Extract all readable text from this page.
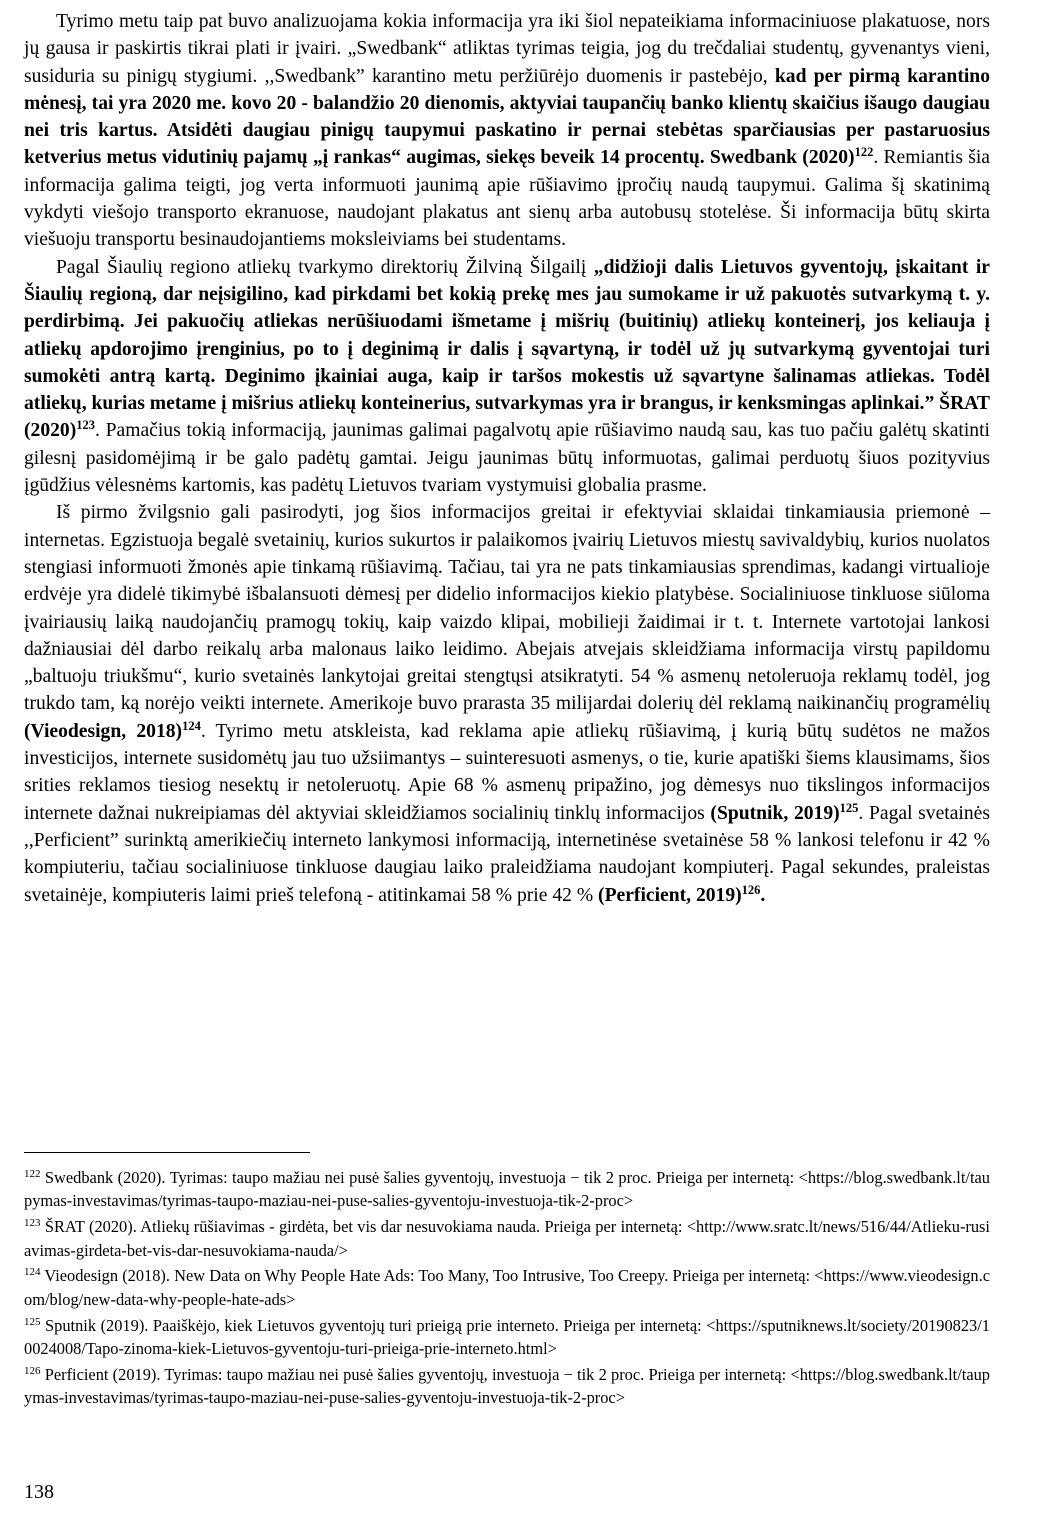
Tyrimo metu taip pat buvo analizuojama kokia informacija yra iki šiol nepateikiama informaciniuose plakatuose, nors jų gausa ir paskirtis tikrai plati ir įvairi. „Swedbank“ atliktas tyrimas teigia, jog du trečdaliai studentų, gyvenantys vieni, susiduria su pinigų stygiumi. ,,Swedbank” karantino metu peržiūrėjo duomenis ir pastebėjo, kad per pirmą karantino mėnesį, tai yra 2020 me. kovo 20 - balandžio 20 dienomis, aktyviai taupančių banko klientų skaičius išaugo daugiau nei tris kartus. Atsidėti daugiau pinigų taupymui paskatino ir pernai stebėtas sparčiausias per pastaruosius ketverius metus vidutinių pajamų „į rankas“ augimas, siekęs beveik 14 procentų. Swedbank $(2020)^{122}$. Remiantis šia informacija galima teigti, jog verta informuoti jaunimą apie rūšiavimo įpročių naudą taupymui. Galima šį skatinimą vykdyti viešojo transporto ekranuose, naudojant plakatus ant sienų arba autobusų stotelėse. Ši informacija būtų skirta viešuoju transportu besinaudojantiems moksleiviams bei studentams.

Pagal Šiaulių regiono atliekų tvarkymo direktorių Žilviną Šilgailį „didžioji dalis Lietuvos gyventojų, įskaitant ir Šiaulių regioną, dar neįsigilino, kad pirkdami bet kokią prekę mes jau sumokame ir už pakuotės sutvarkymą t. y. perdirbimą. Jei pakuočių atliekas nerūšiuodami išmetame į mišrių (buitinių) atliekų konteinerį, jos keliauja į atliekų apdorojimo įrenginius, po to į deginimą ir dalis į sąvartyną, ir todėl už jų sutvarkymą gyventojai turi sumokėti antrą kartą. Deginimo įkainiai auga, kaip ir taršos mokestis už sąvartyne šalinamas atliekas. Todėl atliekų, kurias metame į mišrius atliekų konteinerius, sutvarkymas yra ir brangus, ir kenksmingas aplinkai.” ŠRAT $(2020)^{123}$. Pamačius tokią informaciją, jaunimas galimai pagalvotų apie rūšiavimo naudą sau, kas tuo pačiu galėtų skatinti gilesnį pasidomėjimą ir be galo padėtų gamtai. Jeigu jaunimas būtų informuotas, galimai perduotų šiuos pozityvius įgūdžius vėlesnėms kartomis, kas padėtų Lietuvos tvariam vystymuisi globalia prasme.

Iš pirmo žvilgsnio gali pasirodyti, jog šios informacijos greitai ir efektyviai sklaidai tinkamiausia priemonė – internetas. Egzistuoja begalė svetainių, kurios sukurtos ir palaikomos įvairių Lietuvos miestų savivaldybių, kurios nuolatos stengiasi informuoti žmonės apie tinkamą rūšiavimą. Tačiau, tai yra ne pats tinkamiausias sprendimas, kadangi virtualioje erdvėje yra didelė tikimybė išbalansuoti dėmesį per didelio informacijos kiekio platybėse. Socialiniuose tinkluose siūloma įvairiausių laiką naudojančių pramogų tokių, kaip vaizdo klipai, mobilieji žaidimai ir t. t. Internete vartotojai lankosi dažniausiai dėl darbo reikalų arba malonaus laiko leidimo. Abejais atvejais skleidžiama informacija virstų papildomu „baltuoju triukšmu“, kurio svetainės lankytojai greitai stengtųsi atsikratyti. 54 % asmenų netoleruoja reklamų todėl, jog trukdo tam, ką norėjo veikti internete. Amerikoje buvo prarasta 35 milijardai dolerių dėl reklamą naikinančių programėlių (Vieodesign, 2018)$^{124}$. Tyrimo metu atskleista, kad reklama apie atliekų rūšiavimą, į kurią būtų sudėtos ne mažos investicijos, internete susidomėtų jau tuo užsiimantys – suinteresuoti asmenys, o tie, kurie apatiški šiems klausimams, šios srities reklamos tiesiog nesektų ir netoleruotų. Apie 68 % asmenų pripažino, jog dėmesys nuo tikslingos informacijos internete dažnai nukreipiamas dėl aktyviai skleidžiamos socialinių tinklų informacijos (Sputnik, 2019)$^{125}$. Pagal svetainės ,,Perficient” surinktą amerikiečių interneto lankymosi informaciją, internetinėse svetainėse 58 % lankosi telefonu ir 42 % kompiuteriu, tačiau socialiniuose tinkluose daugiau laiko praleidžiama naudojant kompiuterį. Pagal sekundes, praleistas svetainėje, kompiuteris laimi prieš telefoną - atitinkamai 58 % prie 42 % (Perficient, 2019)$^{126}$.

$^{122}$ Swedbank (2020). Tyrimas: taupo mažiau nei pusė šalies gyventojų, investuoja − tik 2 proc. Prieiga per internetą: <https://blog.swedbank.lt/taupymas-investavimas/tyrimas-taupo-maziau-nei-puse-salies-gyventoju-investuoja-tik-2-proc>

$^{123}$ ŠRAT (2020). Atliekų rūšiavimas - girdėta, bet vis dar nesuvokiama nauda. Prieiga per internetą: <http://www.sratc.lt/news/516/44/Atlieku-rusiavimas-girdeta-bet-vis-dar-nesuvokiama-nauda/>

$^{124}$ Vieodesign (2018). New Data on Why People Hate Ads: Too Many, Too Intrusive, Too Creepy. Prieiga per internetą: <https://www.vieodesign.com/blog/new-data-why-people-hate-ads>

$^{125}$ Sputnik (2019). Paaiškėjo, kiek Lietuvos gyventojų turi prieigą prie interneto. Prieiga per internetą: <https://sputniknews.lt/society/20190823/10024008/Tapo-zinoma-kiek-Lietuvos-gyventoju-turi-prieiga-prie-interneto.html>

$^{126}$ Perficient (2019). Tyrimas: taupo mažiau nei pusė šalies gyventojų, investuoja − tik 2 proc. Prieiga per internetą: <https://blog.swedbank.lt/taupymas-investavimas/tyrimas-taupo-maziau-nei-puse-salies-gyventoju-investuoja-tik-2-proc>

138
